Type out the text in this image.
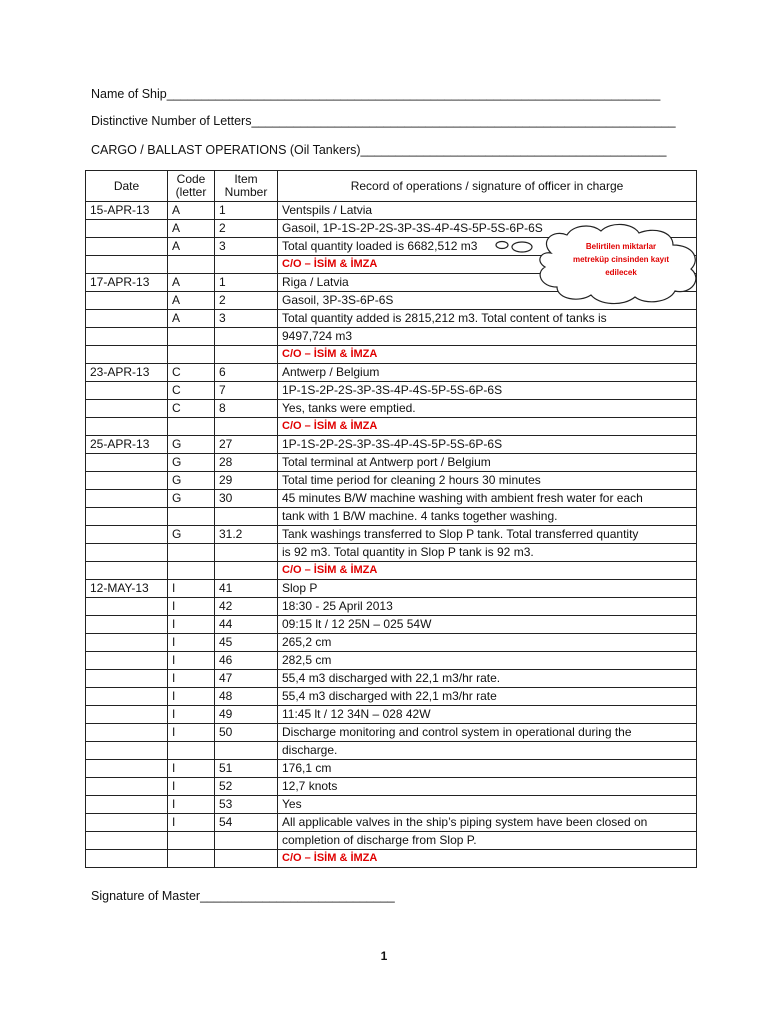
Name of Ship_______________________________________________________________________
Distinctive Number of Letters_____________________________________________________________
CARGO / BALLAST OPERATIONS (Oil Tankers)____________________________________________
Date	Code (letter	Item Number	Record of operations / signature of officer in charge
15-APR-13	A	1	Ventspils / Latvia
	A	2	Gasoil, 1P-1S-2P-2S-3P-3S-4P-4S-5P-5S-6P-6S
	A	3	Total quantity loaded is 6682,512 m3
			C/O – İSİM & İMZA
17-APR-13	A	1	Riga / Latvia
	A	2	Gasoil, 3P-3S-6P-6S
	A	3	Total quantity added is 2815,212 m3. Total content of tanks is
			9497,724 m3
			C/O – İSİM & İMZA
23-APR-13	C	6	Antwerp / Belgium
	C	7	1P-1S-2P-2S-3P-3S-4P-4S-5P-5S-6P-6S
	C	8	Yes, tanks were emptied.
			C/O – İSİM & İMZA
25-APR-13	G	27	1P-1S-2P-2S-3P-3S-4P-4S-5P-5S-6P-6S
	G	28	Total terminal at Antwerp port / Belgium
	G	29	Total time period for cleaning 2 hours 30 minutes
	G	30	45 minutes B/W machine washing with ambient fresh water for each
			tank with 1 B/W machine. 4 tanks together washing.
	G	31.2	Tank washings transferred to Slop P tank. Total transferred quantity
			is 92 m3. Total quantity in Slop P tank is 92 m3.
			C/O – İSİM & İMZA
12-MAY-13	I	41	Slop P
	I	42	18:30 - 25 April 2013
	I	44	09:15 lt / 12 25N – 025 54W
	I	45	265,2 cm
	I	46	282,5 cm
	I	47	55,4 m3 discharged with 22,1 m3/hr rate.
	I	48	55,4 m3 discharged with 22,1 m3/hr rate
	I	49	11:45 lt / 12 34N – 028 42W
	I	50	Discharge monitoring and control system in operational during the
			discharge.
	I	51	176,1 cm
	I	52	12,7 knots
	I	53	Yes
	I	54	All applicable valves in the ship’s piping system have been closed on
			completion of discharge from Slop P.
			C/O – İSİM & İMZA
Belirtilen miktarlar metreküp cinsinden kayıt edilecek
Signature of Master____________________________
1
